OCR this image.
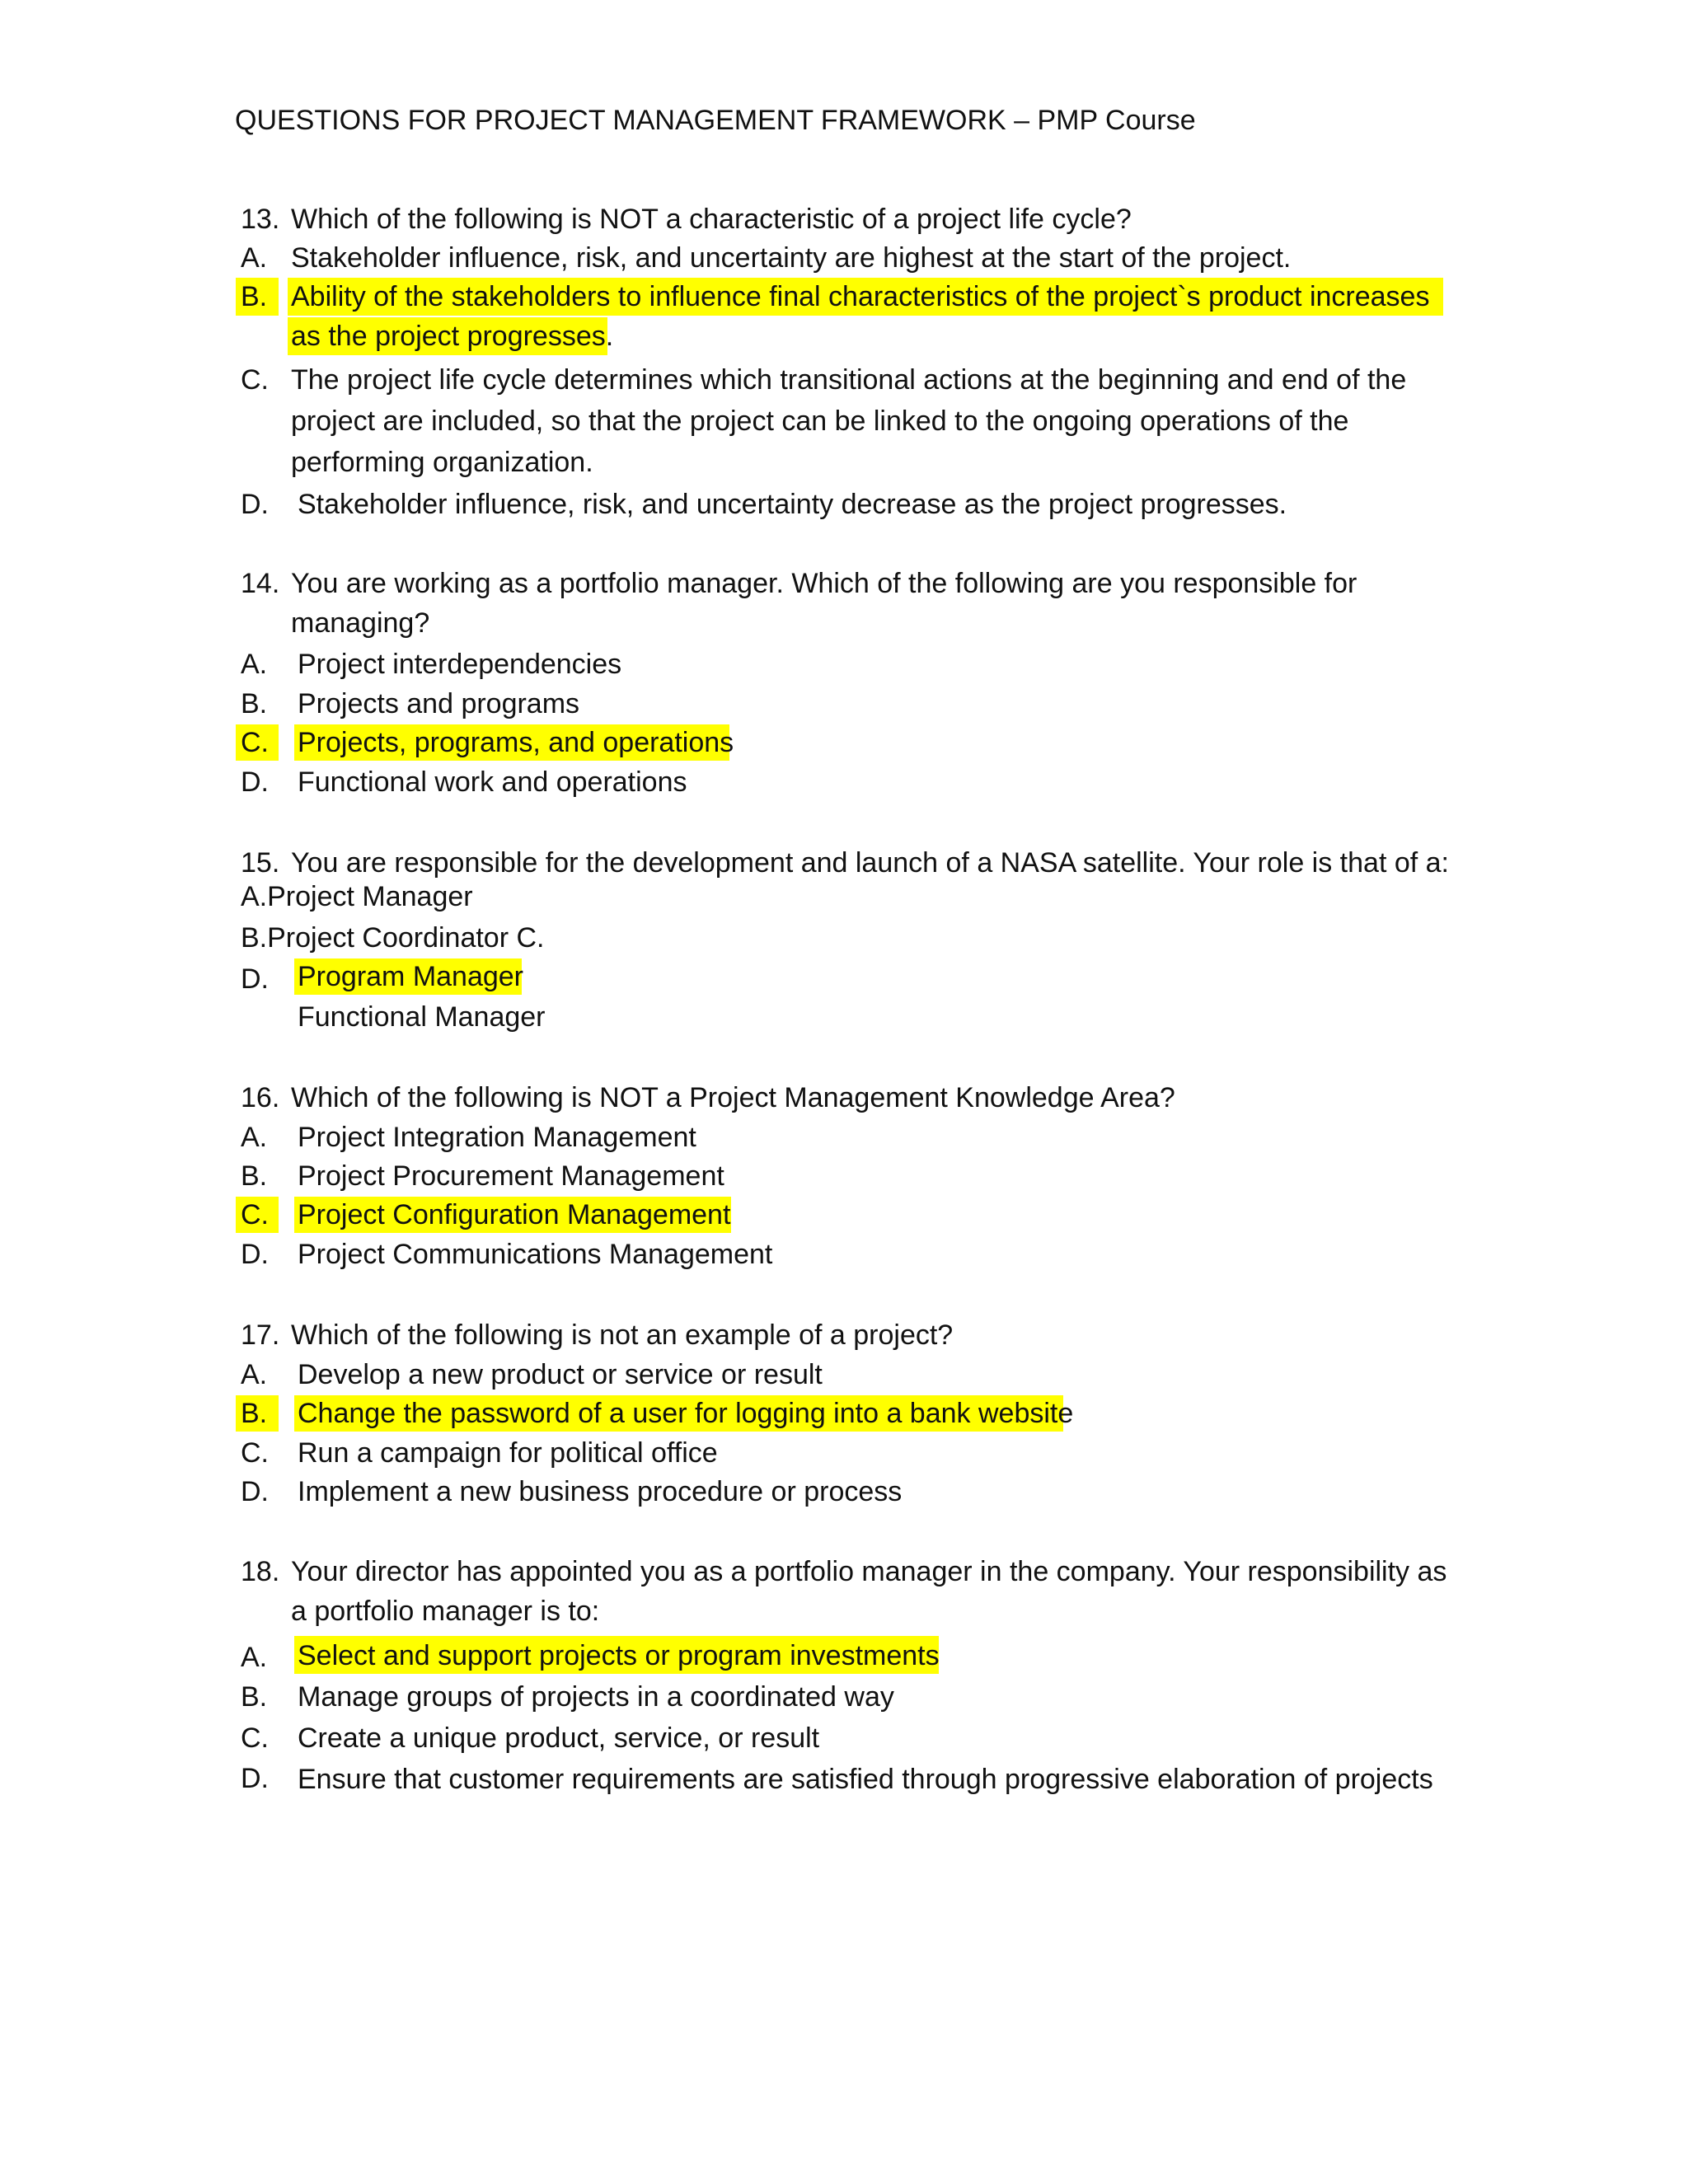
QUESTIONS FOR PROJECT MANAGEMENT FRAMEWORK – PMP Course
13. Which of the following is NOT a characteristic of a project life cycle?
A. Stakeholder influence, risk, and uncertainty are highest at the start of the project.
B. Ability of the stakeholders to influence final characteristics of the project`s product increases
as the project progresses.
C. The project life cycle determines which transitional actions at the beginning and end of the
project are included, so that the project can be linked to the ongoing operations of the
performing organization.
D. Stakeholder influence, risk, and uncertainty decrease as the project progresses.
14. You are working as a portfolio manager. Which of the following are you responsible for
managing?
A. Project interdependencies
B. Projects and programs
C. Projects, programs, and operations
D. Functional work and operations
15. You are responsible for the development and launch of a NASA satellite. Your role is that of a:
A.Project Manager
B.Project Coordinator C.
D. Program Manager
Functional Manager
16. Which of the following is NOT a Project Management Knowledge Area?
A. Project Integration Management
B. Project Procurement Management
C. Project Configuration Management
D. Project Communications Management
17. Which of the following is not an example of a project?
A. Develop a new product or service or result
B. Change the password of a user for logging into a bank website
C. Run a campaign for political office
D. Implement a new business procedure or process
18. Your director has appointed you as a portfolio manager in the company. Your responsibility as
a portfolio manager is to:
A. Select and support projects or program investments
B. Manage groups of projects in a coordinated way
C. Create a unique product, service, or result
D. Ensure that customer requirements are satisfied through progressive elaboration of projects
